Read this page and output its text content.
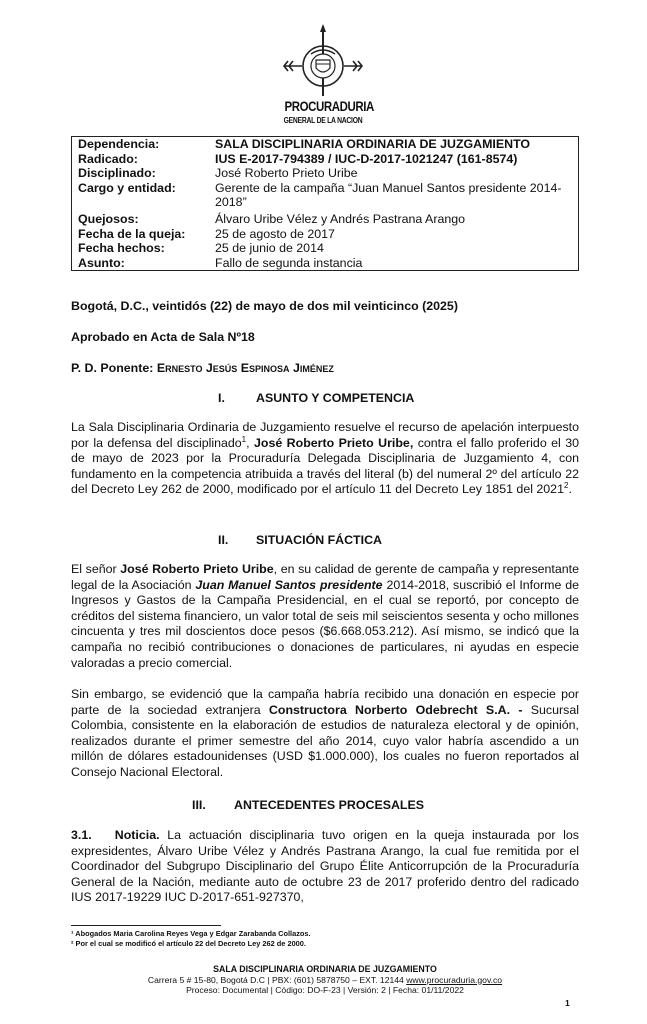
PROCURADURIA
GENERAL DE LA NACION
Dependencia:	SALA DISCIPLINARIA ORDINARIA DE JUZGAMIENTO
Radicado:	IUS E-2017-794389 / IUC-D-2017-1021247 (161-8574)
Disciplinado:	José Roberto Prieto Uribe
Cargo y entidad:	Gerente de la campaña “Juan Manuel Santos presidente 2014-2018”
Quejosos:	Álvaro Uribe Vélez y Andrés Pastrana Arango
Fecha de la queja:	25 de agosto de 2017
Fecha hechos:	25 de junio de 2014
Asunto:	Fallo de segunda instancia
Bogotá, D.C., veintidós (22) de mayo de dos mil veinticinco (2025)
Aprobado en Acta de Sala Nº18
P. D. Ponente: Ernesto Jesús Espinosa Jiménez
I.	ASUNTO Y COMPETENCIA
La Sala Disciplinaria Ordinaria de Juzgamiento resuelve el recurso de apelación interpuesto por la defensa del disciplinado$^1$, José Roberto Prieto Uribe, contra el fallo proferido el 30 de mayo de 2023 por la Procuraduría Delegada Disciplinaria de Juzgamiento 4, con fundamento en la competencia atribuida a través del literal (b) del numeral 2º del artículo 22 del Decreto Ley 262 de 2000, modificado por el artículo 11 del Decreto Ley 1851 del 2021$^2$.
II. SITUACIÓN FÁCTICA
El señor José Roberto Prieto Uribe, en su calidad de gerente de campaña y representante legal de la Asociación Juan Manuel Santos presidente 2014-2018, suscribió el Informe de Ingresos y Gastos de la Campaña Presidencial, en el cual se reportó, por concepto de créditos del sistema financiero, un valor total de seis mil seiscientos sesenta y ocho millones cincuenta y tres mil doscientos doce pesos ($6.668.053.212). Así mismo, se indicó que la campaña no recibió contribuciones o donaciones de particulares, ni ayudas en especie valoradas a precio comercial.
Sin embargo, se evidenció que la campaña habría recibido una donación en especie por parte de la sociedad extranjera Constructora Norberto Odebrecht S.A. - Sucursal Colombia, consistente en la elaboración de estudios de naturaleza electoral y de opinión, realizados durante el primer semestre del año 2014, cuyo valor habría ascendido a un millón de dólares estadounidenses (USD $1.000.000), los cuales no fueron reportados al Consejo Nacional Electoral.
III. ANTECEDENTES PROCESALES
3.1. Noticia. La actuación disciplinaria tuvo origen en la queja instaurada por los expresidentes, Álvaro Uribe Vélez y Andrés Pastrana Arango, la cual fue remitida por el Coordinador del Subgrupo Disciplinario del Grupo Élite Anticorrupción de la Procuraduría General de la Nación, mediante auto de octubre 23 de 2017 proferido dentro del radicado IUS 2017-19229 IUC D-2017-651-927370,
¹ Abogados Maria Carolina Reyes Vega y Edgar Zarabanda Collazos.
² Por el cual se modificó el artículo 22 del Decreto Ley 262 de 2000.
SALA DISCIPLINARIA ORDINARIA DE JUZGAMIENTO
Carrera 5 # 15-80, Bogotá D.C | PBX: (601) 5878750 – EXT. 12144 www.procuraduria.gov.co
Proceso: Documental | Código: DO-F-23 | Versión: 2 | Fecha: 01/11/2022
1
